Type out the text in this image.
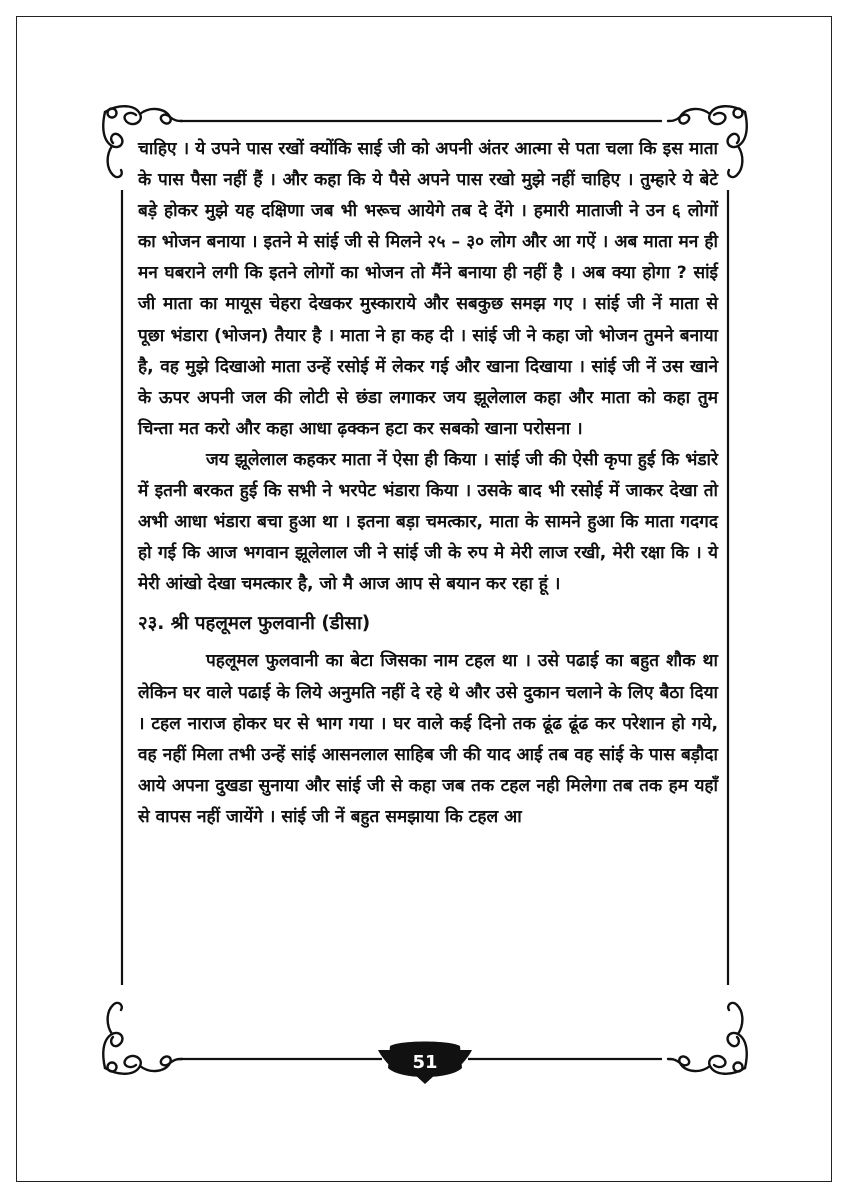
चाहिए । ये उपने पास रखों क्योंकि साई जी को अपनी अंतर आत्मा से पता चला कि इस माता के पास पैसा नहीं हैं । और कहा कि ये पैसे अपने पास रखो मुझे नहीं चाहिए । तुम्हारे ये बेटे बड़े होकर मुझे यह दक्षिणा जब भी भरूच आयेगे तब दे देंगे । हमारी माताजी ने उन ६ लोगों का भोजन बनाया । इतने मे सांई जी से मिलने २५ – ३० लोग और आ गऐं । अब माता मन ही मन घबराने लगी कि इतने लोगों का भोजन तो मैंने बनाया ही नहीं है । अब क्या होगा ? सांई जी माता का मायूस चेहरा देखकर मुस्काराये और सबकुछ समझ गए । सांई जी नें माता से पूछा भंडारा (भोजन) तैयार है । माता ने हा कह दी । सांई जी ने कहा जो भोजन तुमने बनाया है, वह मुझे दिखाओ माता उन्हें रसोई में लेकर गई और खाना दिखाया । सांई जी नें उस खाने के ऊपर अपनी जल की लोटी से छंडा लगाकर जय झूलेलाल कहा और माता को कहा तुम चिन्ता मत करो और कहा आधा ढ़क्कन हटा कर सबको खाना परोसना ।

जय झूलेलाल कहकर माता नें ऐसा ही किया । सांई जी की ऐसी कृपा हुई कि भंडारे में इतनी बरकत हुई कि सभी ने भरपेट भंडारा किया । उसके बाद भी रसोई में जाकर देखा तो अभी आधा भंडारा बचा हुआ था । इतना बड़ा चमत्कार, माता के सामने हुआ कि माता गदगद हो गई कि आज भगवान झूलेलाल जी ने सांई जी के रुप मे मेरी लाज रखी, मेरी रक्षा कि । ये मेरी आंखो देखा चमत्कार है, जो मै आज आप से बयान कर रहा हूं ।

२३. श्री पहलूमल फुलवानी (डीसा)

पहलूमल फुलवानी का बेटा जिसका नाम टहल था । उसे पढाई का बहुत शौक था लेकिन घर वाले पढाई के लिये अनुमति नहीं दे रहे थे और उसे दुकान चलाने के लिए बैठा दिया । टहल नाराज होकर घर से भाग गया । घर वाले कई दिनो तक ढूंढ ढूंढ कर परेशान हो गये, वह नहीं मिला तभी उन्हें सांई आसनलाल साहिब जी की याद आई तब वह सांई के पास बड़ौदा आये अपना दुखडा सुनाया और सांई जी से कहा जब तक टहल नही मिलेगा तब तक हम यहाँ से वापस नहीं जायेंगे । सांई जी नें बहुत समझाया कि टहल आ

51
